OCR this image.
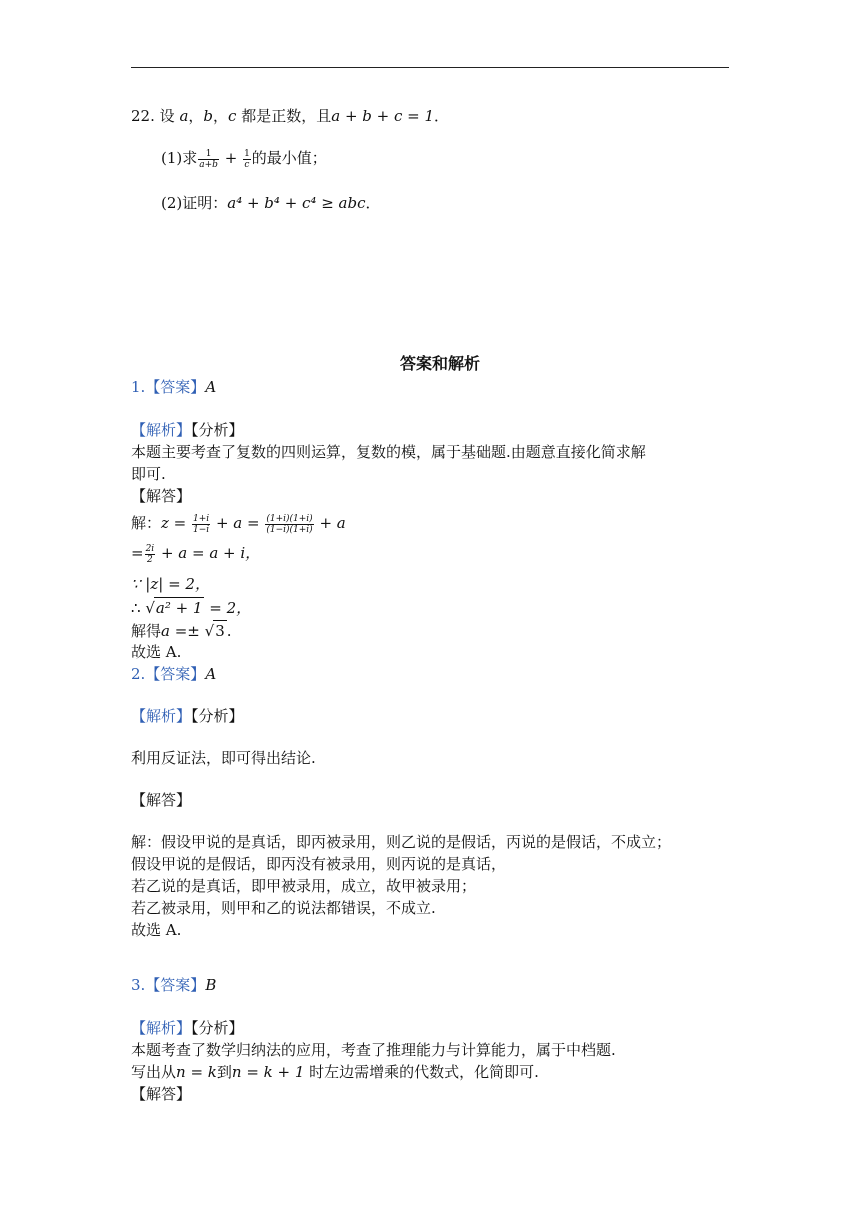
22. 设 a，b，c 都是正数，且a + b + c = 1．
(1)求 $\frac{1}{a+b} + \frac{1}{c}$ 的最小值；
(2)证明：a⁴ + b⁴ + c⁴ ≥ abc．
答案和解析
1.【答案】A
【解析】【分析】
本题主要考查了复数的四则运算，复数的模，属于基础题.由题意直接化简求解
即可.
【解答】
解：$z = \frac{1+i}{1-i} + a = \frac{(1+i)(1+i)}{(1-i)(1+i)} + a$
= $\frac{2i}{2} + a = a + i$，
∵ |z| = 2，
∴ √a² + 1 = 2，
解得a =± √3 .
故选 A.
2.【答案】A
【解析】【分析】
利用反证法，即可得出结论.
【解答】
解：假设甲说的是真话，即丙被录用，则乙说的是假话，丙说的是假话，不成立；
假设甲说的是假话，即丙没有被录用，则丙说的是真话，
若乙说的是真话，即甲被录用，成立，故甲被录用；
若乙被录用，则甲和乙的说法都错误，不成立.
故选 A.
3.【答案】B
【解析】【分析】
本题考查了数学归纳法的应用，考查了推理能力与计算能力，属于中档题.
写出从n = k到n = k + 1 时左边需增乘的代数式，化简即可.
【解答】
